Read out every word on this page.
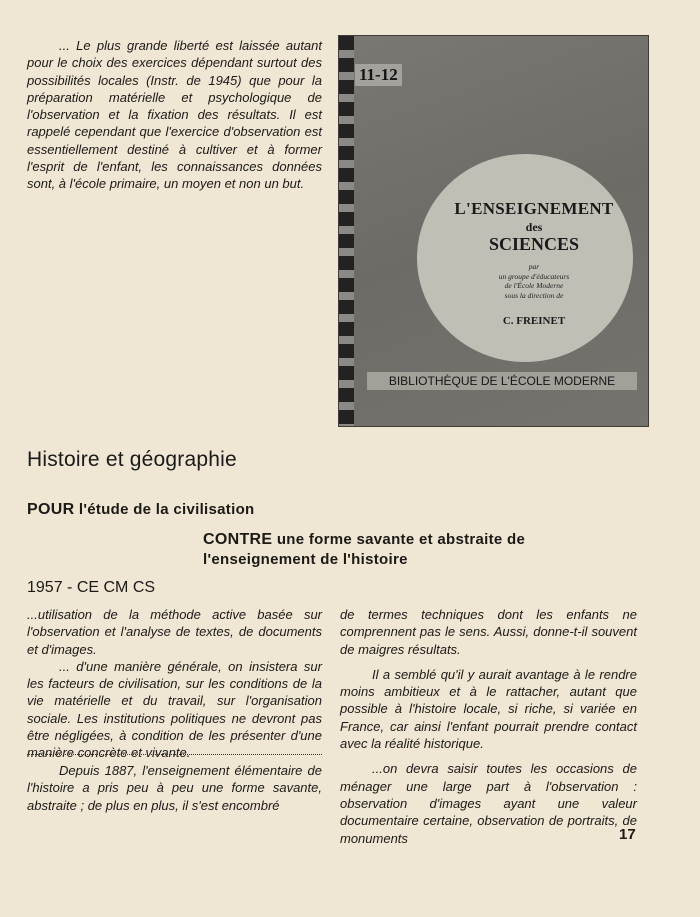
... Le plus grande liberté est laissée autant pour le choix des exercices dépendant surtout des possibilités locales (Instr. de 1945) que pour la préparation matérielle et psychologique de l'observation et la fixation des résultats. Il est rappelé cependant que l'exercice d'observation est essentiellement destiné à cultiver et à former l'esprit de l'enfant, les connaissances données sont, à l'école primaire, un moyen et non un but.

11-12
L'ENSEIGNEMENT
des
SCIENCES
par
un groupe d'éducateurs
de l'École Moderne
sous la direction de
C. FREINET
BIBLIOTHÈQUE DE L'ÉCOLE MODERNE
Histoire et géographie
POUR l'étude de la civilisation
CONTRE une forme savante et abstraite de l'enseignement de l'histoire
1957 - CE CM CS

...utilisation de la méthode active basée sur l'observation et l'analyse de textes, de documents et d'images.

... d'une manière générale, on insistera sur les facteurs de civilisation, sur les conditions de la vie matérielle et du travail, sur l'organisation sociale. Les institutions politiques ne devront pas être négligées, à condition de les présenter d'une manière concrète et vivante.

Depuis 1887, l'enseignement élémentaire de l'histoire a pris peu à peu une forme savante, abstraite ; de plus en plus, il s'est encombré

de termes techniques dont les enfants ne comprennent pas le sens. Aussi, donne-t-il souvent de maigres résultats.

Il a semblé qu'il y aurait avantage à le rendre moins ambitieux et à le rattacher, autant que possible à l'histoire locale, si riche, si variée en France, car ainsi l'enfant pourrait prendre contact avec la réalité historique.

...on devra saisir toutes les occasions de ménager une large part à l'observation : observation d'images ayant une valeur documentaire certaine, observation de portraits, de monuments	17
